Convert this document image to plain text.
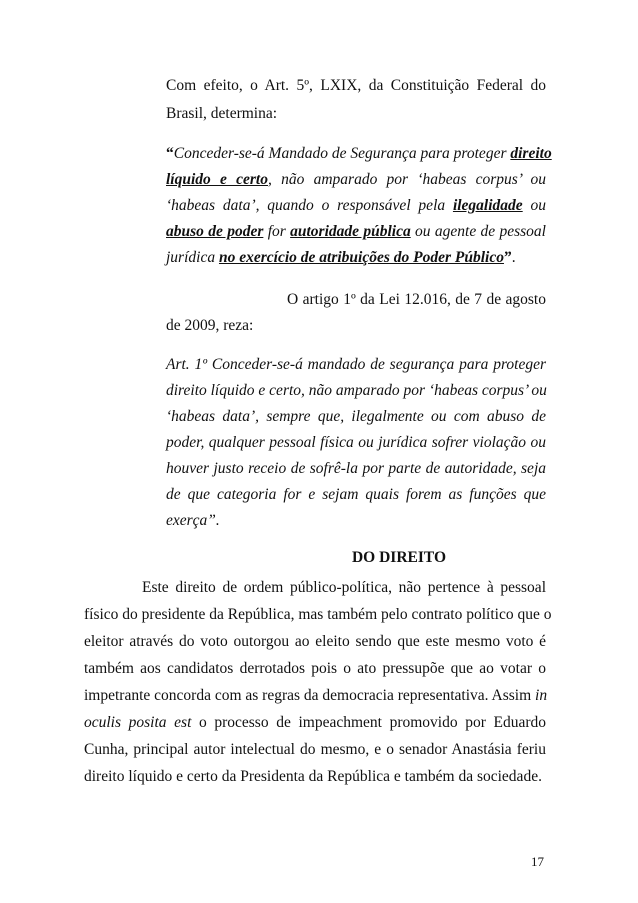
Com efeito, o Art. 5º, LXIX, da Constituição Federal do
Brasil, determina:
“Conceder-se-á Mandado de Segurança para proteger direito
líquido e certo, não amparado por ‘habeas corpus’ ou
‘habeas data’, quando o responsável pela ilegalidade ou
abuso de poder for autoridade pública ou agente de pessoal
jurídica no exercício de atribuições do Poder Público”.
O artigo 1º da Lei 12.016, de 7 de agosto
de 2009, reza:
Art. 1º Conceder-se-á mandado de segurança para proteger
direito líquido e certo, não amparado por ‘habeas corpus’ ou
‘habeas data’, sempre que, ilegalmente ou com abuso de
poder, qualquer pessoal física ou jurídica sofrer violação ou
houver justo receio de sofrê-la por parte de autoridade, seja
de que categoria for e sejam quais forem as funções que
exerça”.
DO DIREITO
Este direito de ordem público-política, não pertence à pessoal
físico do presidente da República, mas também pelo contrato político que o
eleitor através do voto outorgou ao eleito sendo que este mesmo voto é
também aos candidatos derrotados pois o ato pressupõe que ao votar o
impetrante concorda com as regras da democracia representativa. Assim in
oculis posita est o processo de impeachment promovido por Eduardo
Cunha, principal autor intelectual do mesmo, e o senador Anastásia feriu
direito líquido e certo da Presidenta da República e também da sociedade.
17
